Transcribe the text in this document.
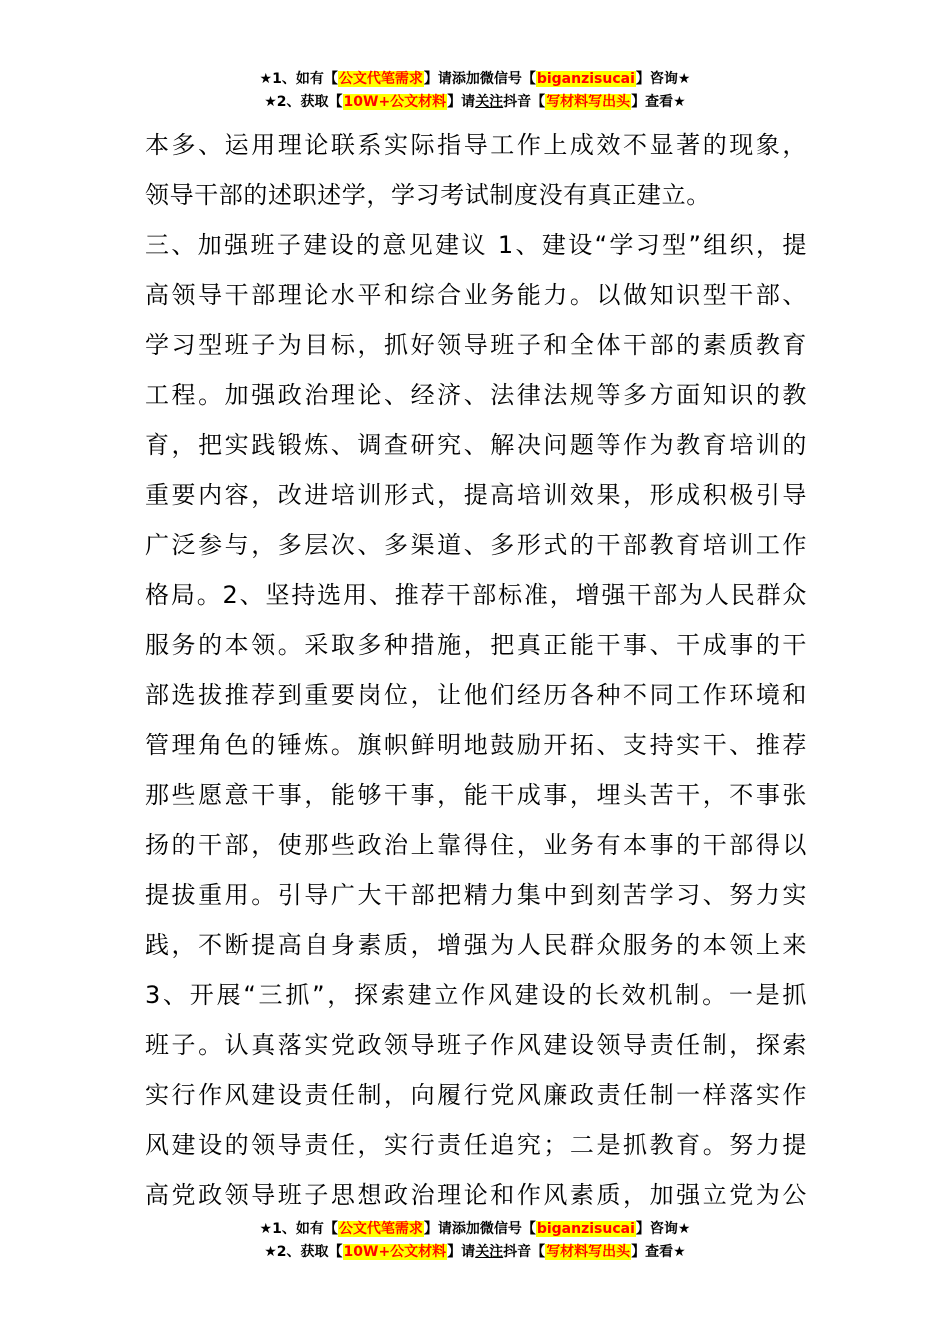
★1、如有【公文代笔需求】请添加微信号【biganzisucai】咨询★
★2、获取【10W+公文材料】请关注抖音【写材料写出头】查看★
本多、运用理论联系实际指导工作上成效不显著的现象，
领导干部的述职述学，学习考试制度没有真正建立。
三、加强班子建设的意见建议 1、建设“学习型”组织，提
高领导干部理论水平和综合业务能力。以做知识型干部、
学习型班子为目标，抓好领导班子和全体干部的素质教育
工程。加强政治理论、经济、法律法规等多方面知识的教
育，把实践锻炼、调查研究、解决问题等作为教育培训的
重要内容，改进培训形式，提高培训效果，形成积极引导
广泛参与，多层次、多渠道、多形式的干部教育培训工作
格局。2、坚持选用、推荐干部标准，增强干部为人民群众
服务的本领。采取多种措施，把真正能干事、干成事的干
部选拔推荐到重要岗位，让他们经历各种不同工作环境和
管理角色的锤炼。旗帜鲜明地鼓励开拓、支持实干、推荐
那些愿意干事，能够干事，能干成事，埋头苦干，不事张
扬的干部，使那些政治上靠得住，业务有本事的干部得以
提拔重用。引导广大干部把精力集中到刻苦学习、努力实
践，不断提高自身素质，增强为人民群众服务的本领上来
3、开展“三抓”，探索建立作风建设的长效机制。一是抓
班子。认真落实党政领导班子作风建设领导责任制，探索
实行作风建设责任制，向履行党风廉政责任制一样落实作
风建设的领导责任，实行责任追究；二是抓教育。努力提
高党政领导班子思想政治理论和作风素质，加强立党为公
★1、如有【公文代笔需求】请添加微信号【biganzisucai】咨询★
★2、获取【10W+公文材料】请关注抖音【写材料写出头】查看★
